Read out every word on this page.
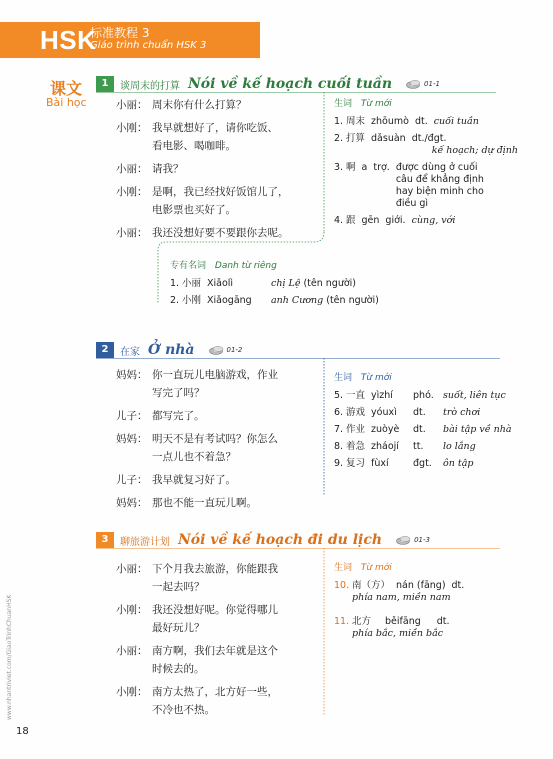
HSK
标准教程 3
Giáo trình chuẩn HSK 3
课文
Bài học
1	谈周末的打算 Nói về kế hoạch cuối tuần	01-1
小丽： 周末你有什么打算？
小刚： 我早就想好了，请你吃饭、
看电影、喝咖啡。
小丽： 请我？
小刚： 是啊，我已经找好饭馆儿了，
电影票也买好了。
小丽： 我还没想好要不要跟你去呢。
生词 Từ mới
1. 周末 zhōumò dt. cuối tuần
2. 打算 dǎsuàn dt./đgt.
kế hoạch; dự định
3. 啊 a trợ. được dùng ở cuối câu để khẳng định hay biện minh cho điều gì
4. 跟 gēn giới. cùng, với
专有名词 Danh từ riêng
1. 小丽 Xiǎolì	chị Lệ (tên người)
2. 小刚 Xiǎogāng	anh Cương (tên người)
2	在家 Ở nhà	01-2
妈妈： 你一直玩儿电脑游戏，作业
写完了吗？
儿子： 都写完了。
妈妈： 明天不是有考试吗？你怎么
一点儿也不着急？
儿子： 我早就复习好了。
妈妈： 那也不能一直玩儿啊。
生词 Từ mới
5. 一直 yìzhí	phó. suốt, liên tục
6. 游戏 yóuxì	dt.	trò chơi
7. 作业 zuòyè	dt.	bài tập về nhà
8. 着急 zháojí	tt.	lo lắng
9. 复习 fùxí	đgt.	ôn tập
3	聊旅游计划 Nói về kế hoạch đi du lịch	01-3
小丽： 下个月我去旅游，你能跟我
一起去吗？
小刚： 我还没想好呢。你觉得哪儿
最好玩儿？
小丽： 南方啊，我们去年就是这个
时候去的。
小刚： 南方太热了，北方好一些，
不冷也不热。
生词 Từ mới
10. 南（方） nán (fāng) dt.
phía nam, miền nam
11. 北方 běifāng dt.
phía bắc, miền bắc
www.nhantriviet.com/GiaoTrinhChuanHSK
18
